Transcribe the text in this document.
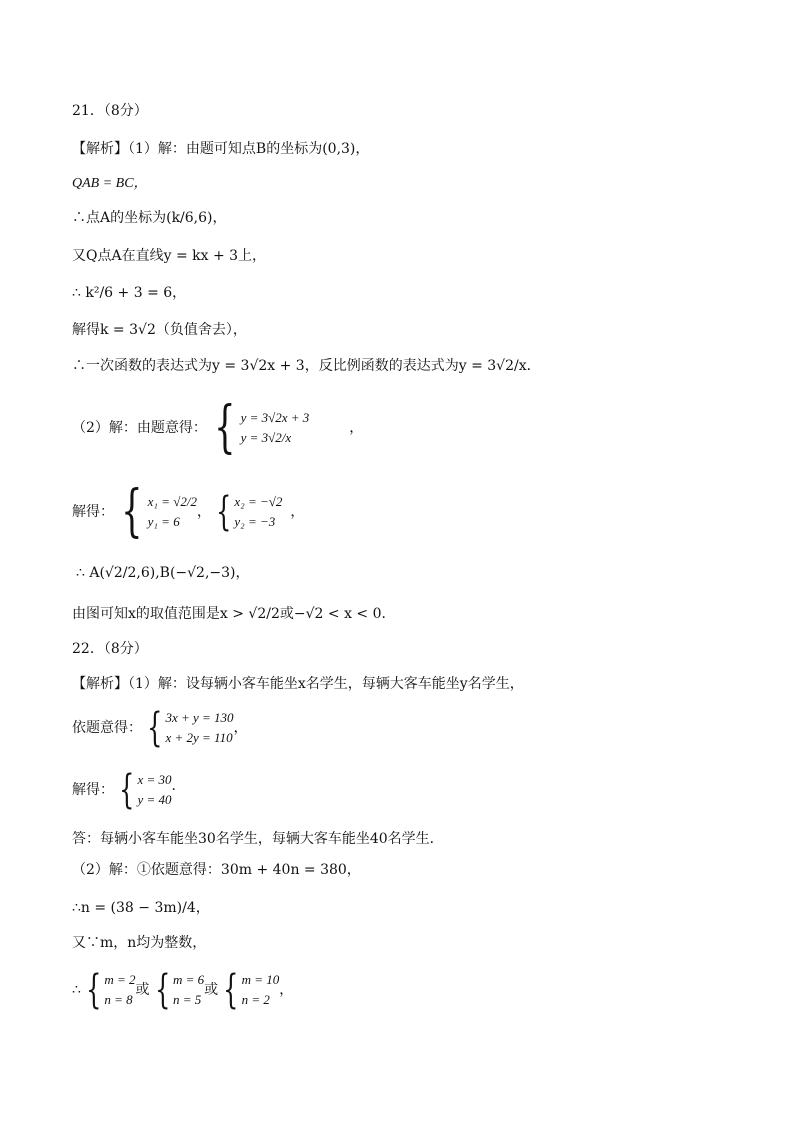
21．（8分）
【解析】（1）解：由题可知点B的坐标为(0,3)，
QAB = BC，
∴点A的坐标为(k/6,6)，
又Q点A在直线y = kx + 3上，
∴ k²/6 + 3 = 6，
解得k = 3√2（负值舍去），
∴一次函数的表达式为y = 3√2x + 3，反比例函数的表达式为y = 3√2/x．
（2）解：由题意得： { y = 3√2x + 3
y = 3√2/x
，
解得： { x₁ = √2/2
y₁ = 6
， { x₂ = −√2
y₂ = −3
，
∴ A(√2/2,6),B(−√2,−3)，
由图可知x的取值范围是x > √2/2或−√2 < x < 0．
22．（8分）
【解析】（1）解：设每辆小客车能坐x名学生，每辆大客车能坐y名学生，
依题意得： { 3x + y = 130
x + 2y = 110
，
解得： { x = 30
y = 40
·
答：每辆小客车能坐30名学生，每辆大客车能坐40名学生．
（2）解：①依题意得：30m + 40n = 380，
∴n = (38 − 3m)/4，
又∵m，n均为整数，
∴ { m = 2
n = 8
或 { m = 6
n = 5
或 { m = 10
n = 2
，
